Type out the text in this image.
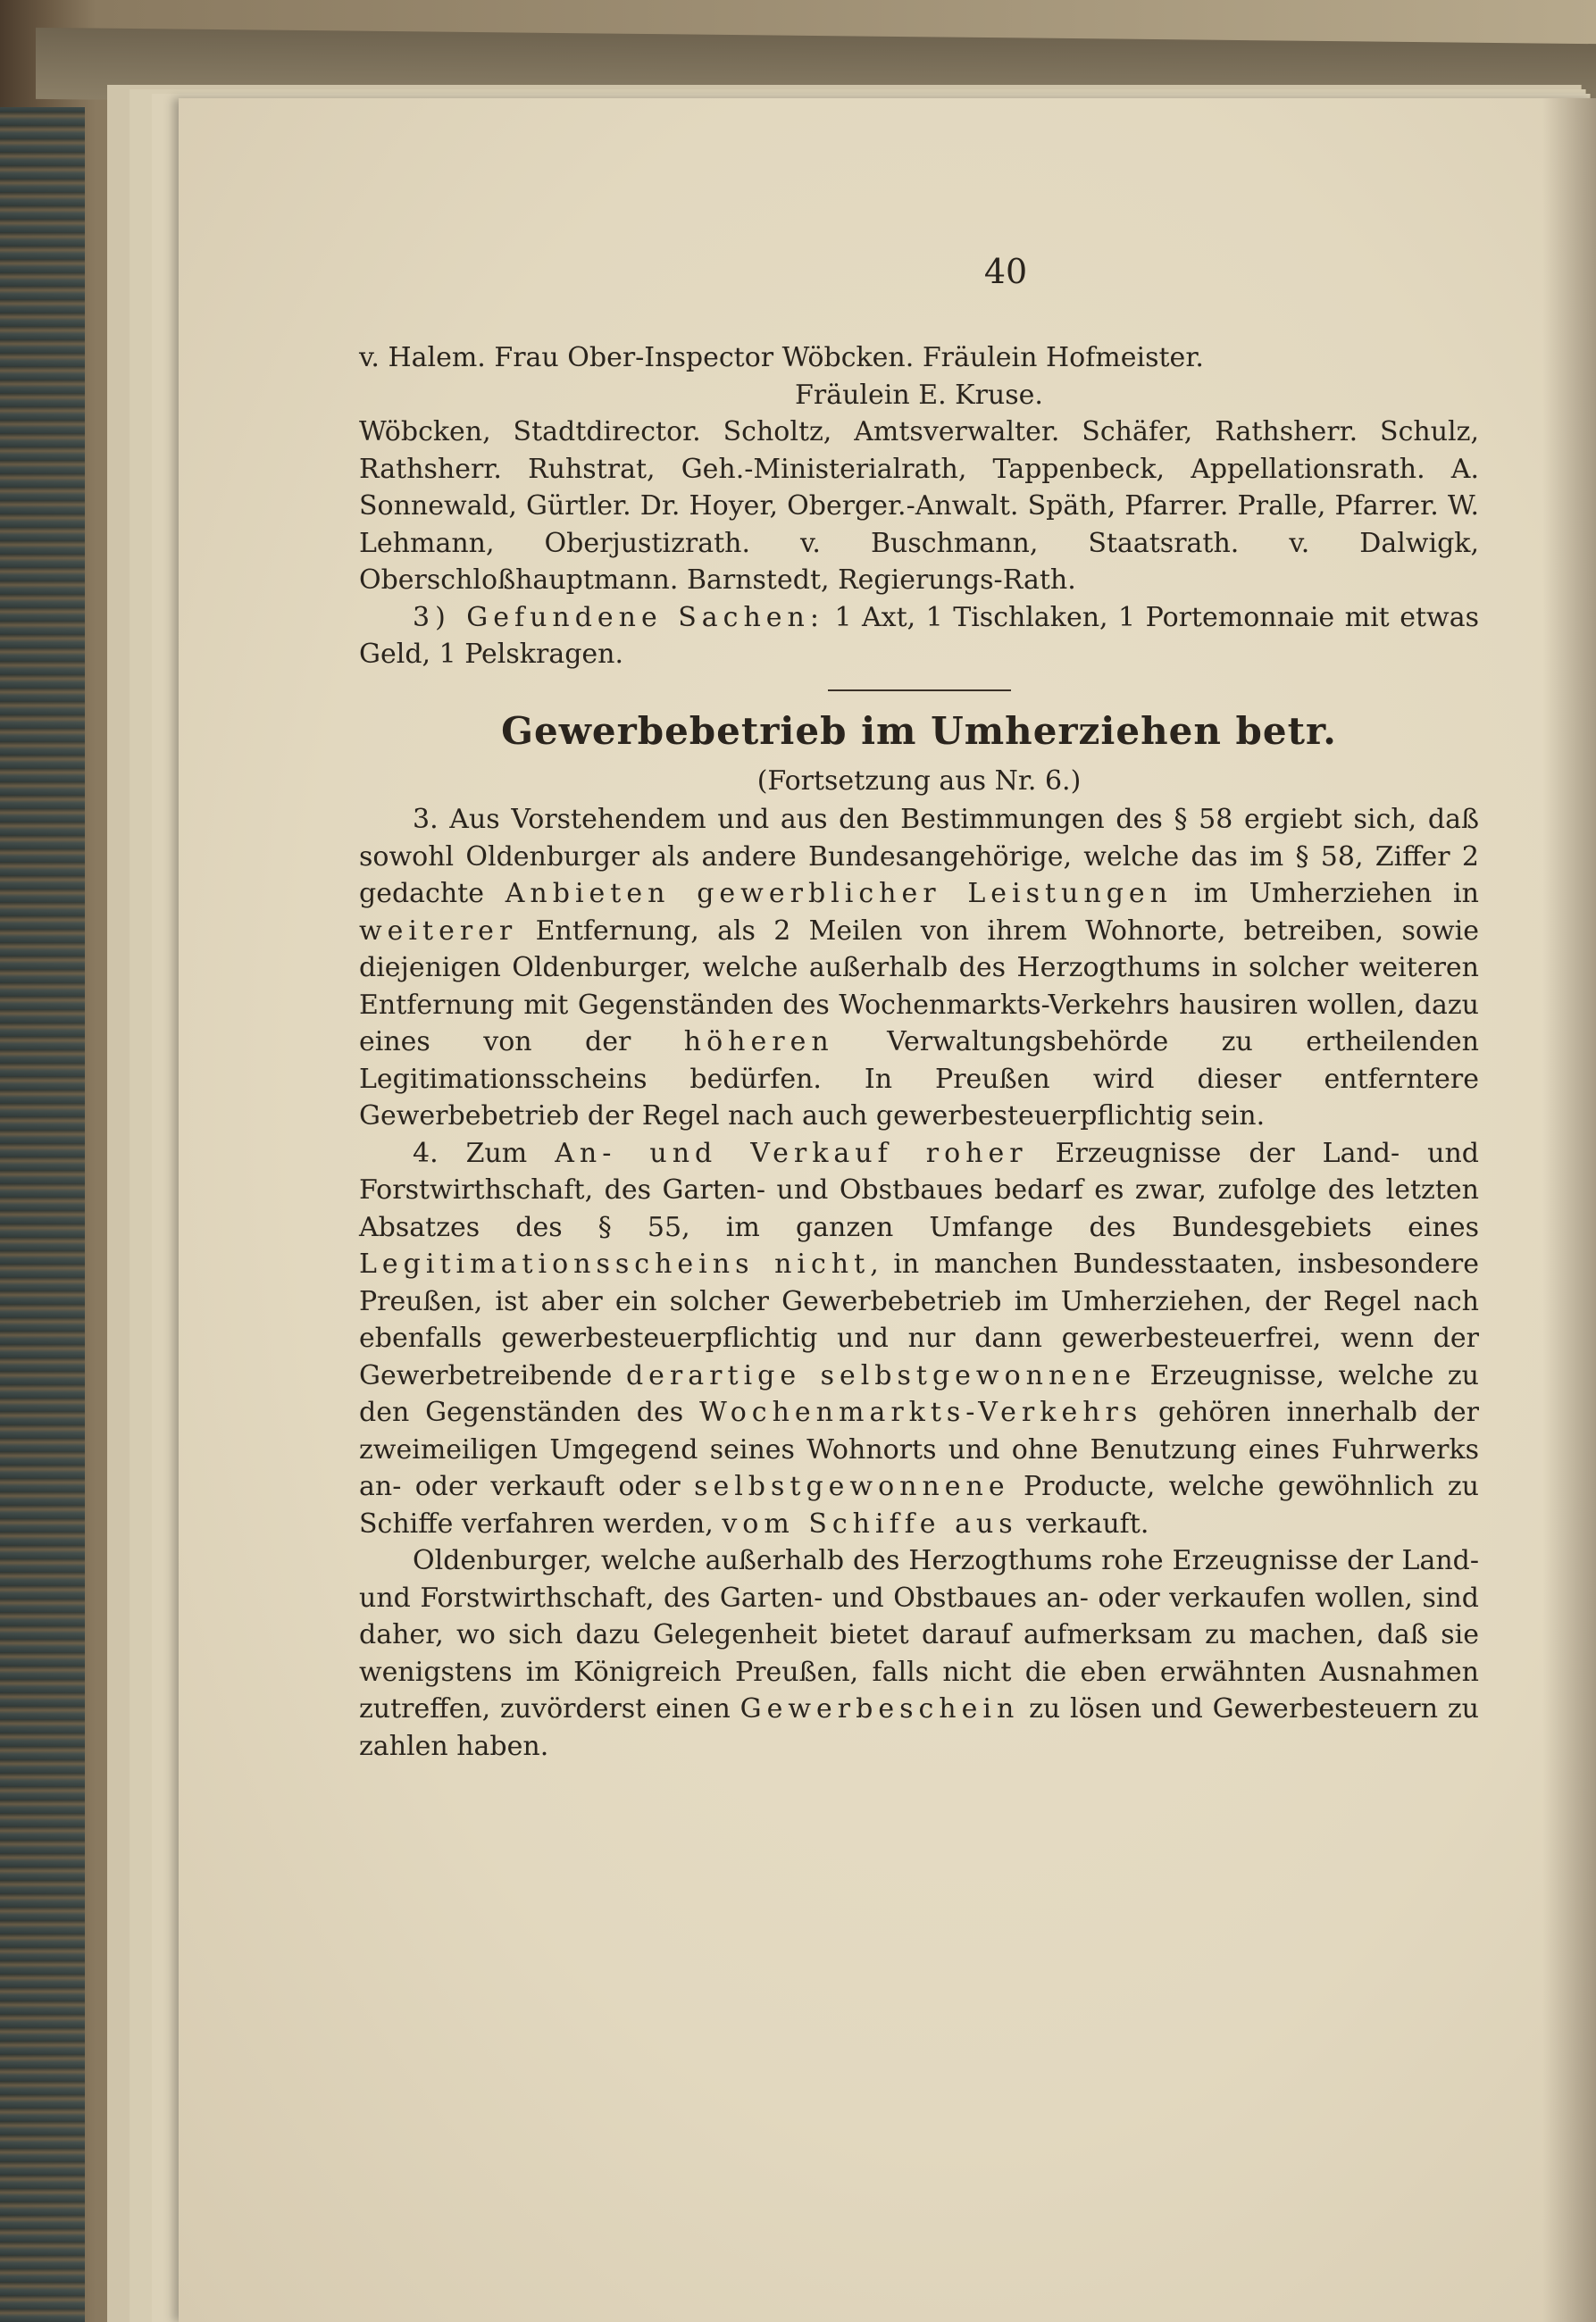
40

v. Halem. Frau Ober-Inspector Wöbcken. Fräulein Hofmeister.

Fräulein E. Kruse.

Wöbcken, Stadtdirector. Scholtz, Amtsverwalter. Schäfer, Rathsherr. Schulz, Rathsherr. Ruhstrat, Geh.-Ministerialrath, Tappenbeck, Appellationsrath. A. Sonnewald, Gürtler. Dr. Hoyer, Oberger.-Anwalt. Späth, Pfarrer. Pralle, Pfarrer. W. Lehmann, Oberjustizrath. v. Buschmann, Staatsrath. v. Dalwigk, Oberschloßhauptmann. Barnstedt, Regierungs-Rath.

3) Gefundene Sachen: 1 Axt, 1 Tischlaken, 1 Portemonnaie mit etwas Geld, 1 Pelskragen.

Gewerbebetrieb im Umherziehen betr.
(Fortsetzung aus Nr. 6.)

3. Aus Vorstehendem und aus den Bestimmungen des § 58 ergiebt sich, daß sowohl Oldenburger als andere Bundesangehörige, welche das im § 58, Ziffer 2 gedachte Anbieten gewerblicher Leistungen im Umherziehen in weiterer Entfernung, als 2 Meilen von ihrem Wohnorte, betreiben, sowie diejenigen Oldenburger, welche außerhalb des Herzogthums in solcher weiteren Entfernung mit Gegenständen des Wochenmarkts-Verkehrs hausiren wollen, dazu eines von der höheren Verwaltungsbehörde zu ertheilenden Legitimationsscheins bedürfen. In Preußen wird dieser entferntere Gewerbebetrieb der Regel nach auch gewerbesteuerpflichtig sein.

4. Zum An- und Verkauf roher Erzeugnisse der Land- und Forstwirthschaft, des Garten- und Obstbaues bedarf es zwar, zufolge des letzten Absatzes des § 55, im ganzen Umfange des Bundesgebiets eines Legitimationsscheins nicht, in manchen Bundesstaaten, insbesondere Preußen, ist aber ein solcher Gewerbebetrieb im Umherziehen, der Regel nach ebenfalls gewerbesteuerpflichtig und nur dann gewerbesteuerfrei, wenn der Gewerbetreibende derartige selbstgewonnene Erzeugnisse, welche zu den Gegenständen des Wochenmarkts-Verkehrs gehören innerhalb der zweimeiligen Umgegend seines Wohnorts und ohne Benutzung eines Fuhrwerks an- oder verkauft oder selbstgewonnene Producte, welche gewöhnlich zu Schiffe verfahren werden, vom Schiffe aus verkauft.

Oldenburger, welche außerhalb des Herzogthums rohe Erzeugnisse der Land- und Forstwirthschaft, des Garten- und Obstbaues an- oder verkaufen wollen, sind daher, wo sich dazu Gelegenheit bietet darauf aufmerksam zu machen, daß sie wenigstens im Königreich Preußen, falls nicht die eben erwähnten Ausnahmen zutreffen, zuvörderst einen Gewerbeschein zu lösen und Gewerbesteuern zu zahlen haben.
